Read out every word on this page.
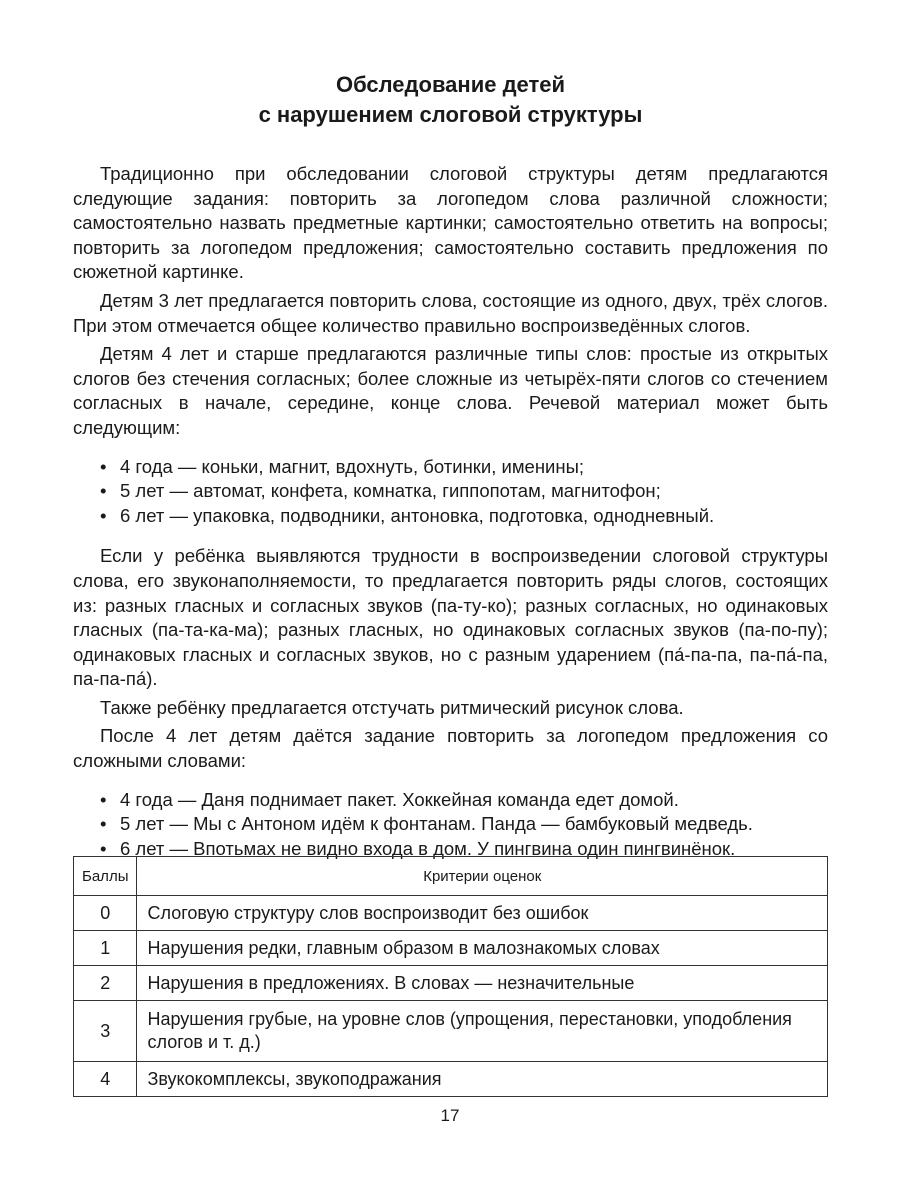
Обследование детей
с нарушением слоговой структуры

Традиционно при обследовании слоговой структуры детям предлагаются следующие задания: повторить за логопедом слова различной сложности; самостоятельно назвать предметные картинки; самостоятельно ответить на вопросы; повторить за логопедом предложения; самостоятельно составить предложения по сюжетной картинке.

Детям 3 лет предлагается повторить слова, состоящие из одного, двух, трёх слогов. При этом отмечается общее количество правильно воспроизведённых слогов.

Детям 4 лет и старше предлагаются различные типы слов: простые из открытых слогов без стечения согласных; более сложные из четырёх-пяти слогов со стечением согласных в начале, середине, конце слова. Речевой материал может быть следующим:

• 4 года — коньки, магнит, вдохнуть, ботинки, именины;
• 5 лет — автомат, конфета, комнатка, гиппопотам, магнитофон;
• 6 лет — упаковка, подводники, антоновка, подготовка, однодневный.

Если у ребёнка выявляются трудности в воспроизведении слоговой структуры слова, его звуконаполняемости, то предлагается повторить ряды слогов, состоящих из: разных гласных и согласных звуков (па-ту-ко); разных согласных, но одинаковых гласных (па-та-ка-ма); разных гласных, но одинаковых согласных звуков (па-по-пу); одинаковых гласных и согласных звуков, но с разным ударением (па́-па-па, па-па́-па, па-па-па́).

Также ребёнку предлагается отстучать ритмический рисунок слова.

После 4 лет детям даётся задание повторить за логопедом предложения со сложными словами:

• 4 года — Даня поднимает пакет. Хоккейная команда едет домой.
• 5 лет — Мы с Антоном идём к фонтанам. Панда — бамбуковый медведь.
• 6 лет — Впотьмах не видно входа в дом. У пингвина один пингвинёнок.
Баллы	Критерии оценок
0	Слоговую структуру слов воспроизводит без ошибок
1	Нарушения редки, главным образом в малознакомых словах
2	Нарушения в предложениях. В словах — незначительные
3	Нарушения грубые, на уровне слов (упрощения, перестановки, уподобления слогов и т. д.)
4	Звукокомплексы, звукоподражания
17
